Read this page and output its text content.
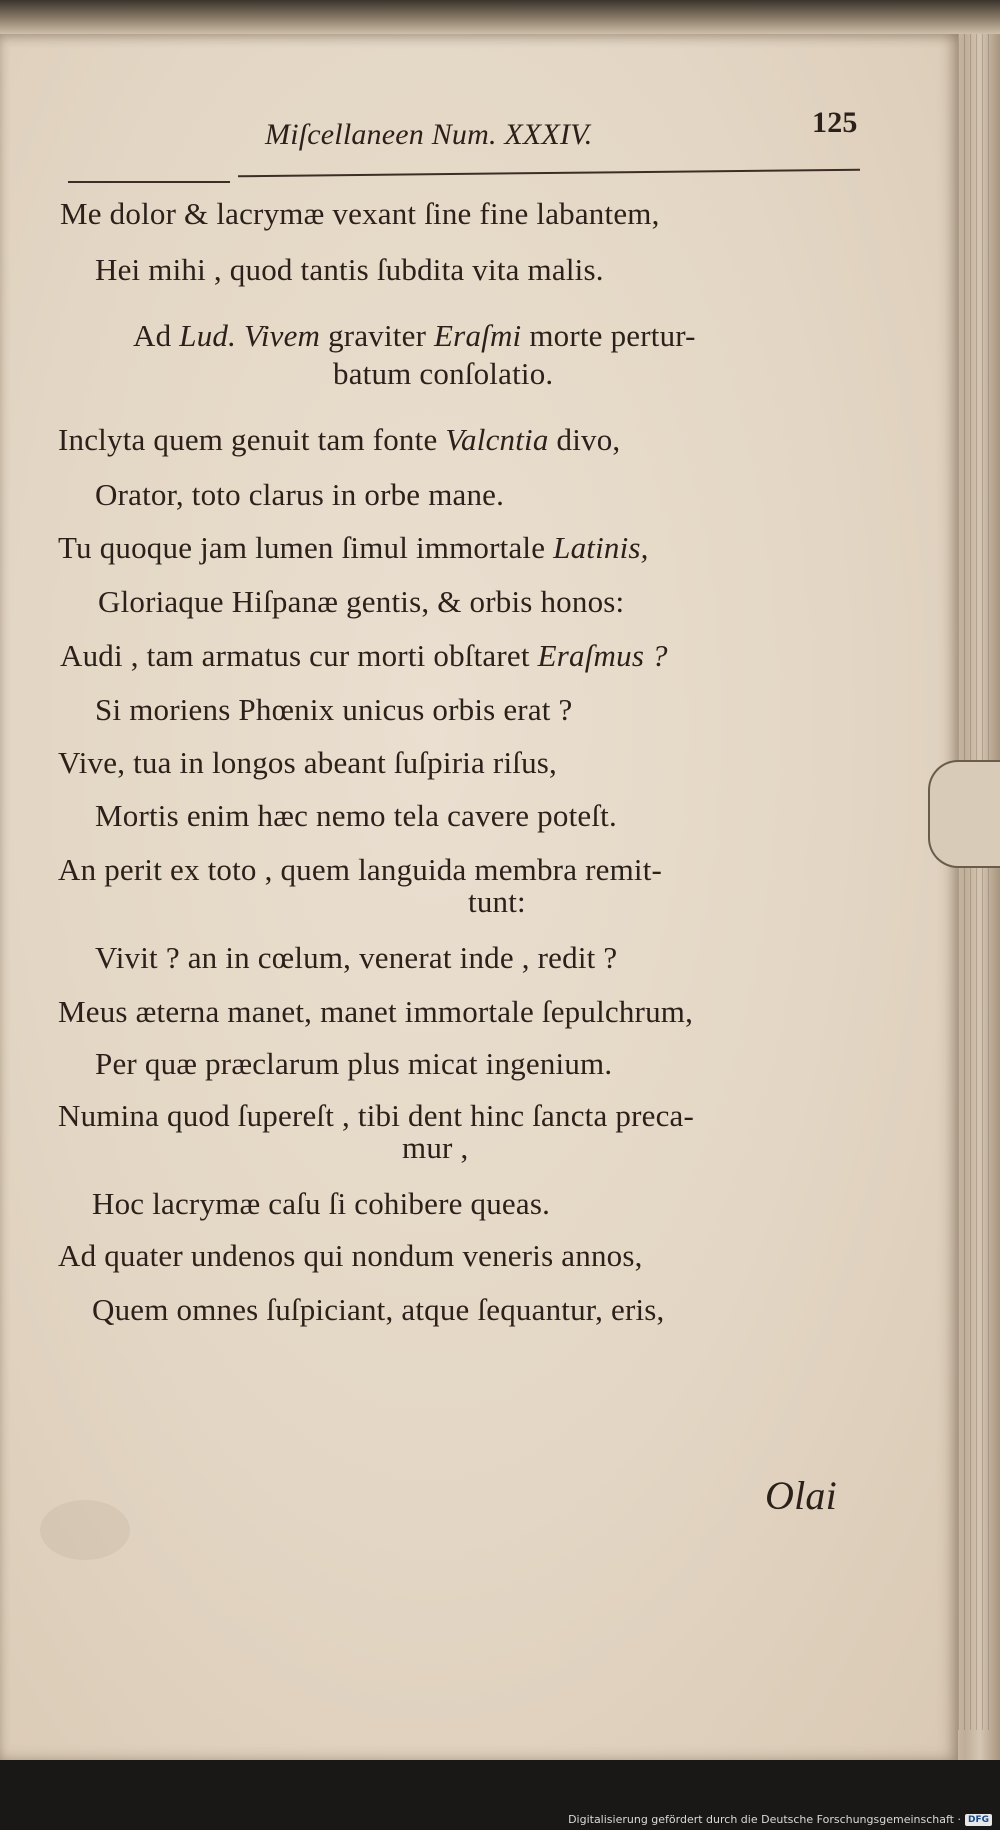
Miſcellaneen Num. XXXIV.	125
Me dolor & lacrymæ vexant ſine fine labantem,
Hei mihi , quod tantis ſubdita vita malis.
Ad Lud. Vivem graviter Eraſmi morte pertur-
batum conſolatio.
Inclyta quem genuit tam fonte Valcntia divo,
Orator, toto clarus in orbe mane.
Tu quoque jam lumen ſimul immortale Latinis,
Gloriaque Hiſpanæ gentis, & orbis honos:
Audi , tam armatus cur morti obſtaret Eraſmus ?
Si moriens Phœnix unicus orbis erat ?
Vive, tua in longos abeant ſuſpiria riſus,
Mortis enim hæc nemo tela cavere poteſt.
An perit ex toto , quem languida membra remit-
tunt:
Vivit ? an in cœlum, venerat inde , redit ?
Meus æterna manet, manet immortale ſepulchrum,
Per quæ præclarum plus micat ingenium.
Numina quod ſupereſt , tibi dent hinc ſancta preca-
mur ,
Hoc lacrymæ caſu ſi cohibere queas.
Ad quater undenos qui nondum veneris annos,
Quem omnes ſuſpiciant, atque ſequantur, eris,
Olai
Digitalisierung gefördert durch die Deutsche Forschungsgemeinschaft · DFG
